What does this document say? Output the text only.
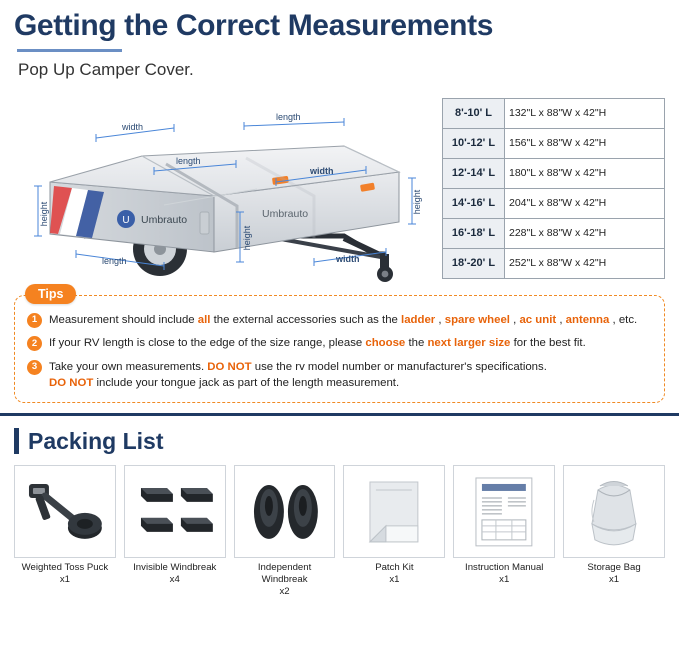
Getting the Correct Measurements
Pop Up Camper Cover.
U Umbrauto	Umbrauto
width
length
length
width
height	height
height
length	width
8'-10' L	132"L x 88"W x 42"H
10'-12' L	156"L x 88"W x 42"H
12'-14' L	180"L x 88"W x 42"H
14'-16' L	204"L x 88"W x 42"H
16'-18' L	228"L x 88"W x 42"H
18'-20' L	252"L x 88"W x 42"H
Tips
1	Measurement should include all the external accessories such as the ladder , spare wheel , ac unit , antenna , etc.
2	If your RV length is close to the edge of the size range, please choose the next larger size for the best fit.
3	Take your own measurements. DO NOT use the rv model number or manufacturer's specifications.
DO NOT include your tongue jack as part of the length measurement.
Packing List
Weighted Toss Puck
x1
Invisible Windbreak
x4
Independent Windbreak
x2
Patch Kit
x1
Instruction Manual
x1
Storage Bag
x1
